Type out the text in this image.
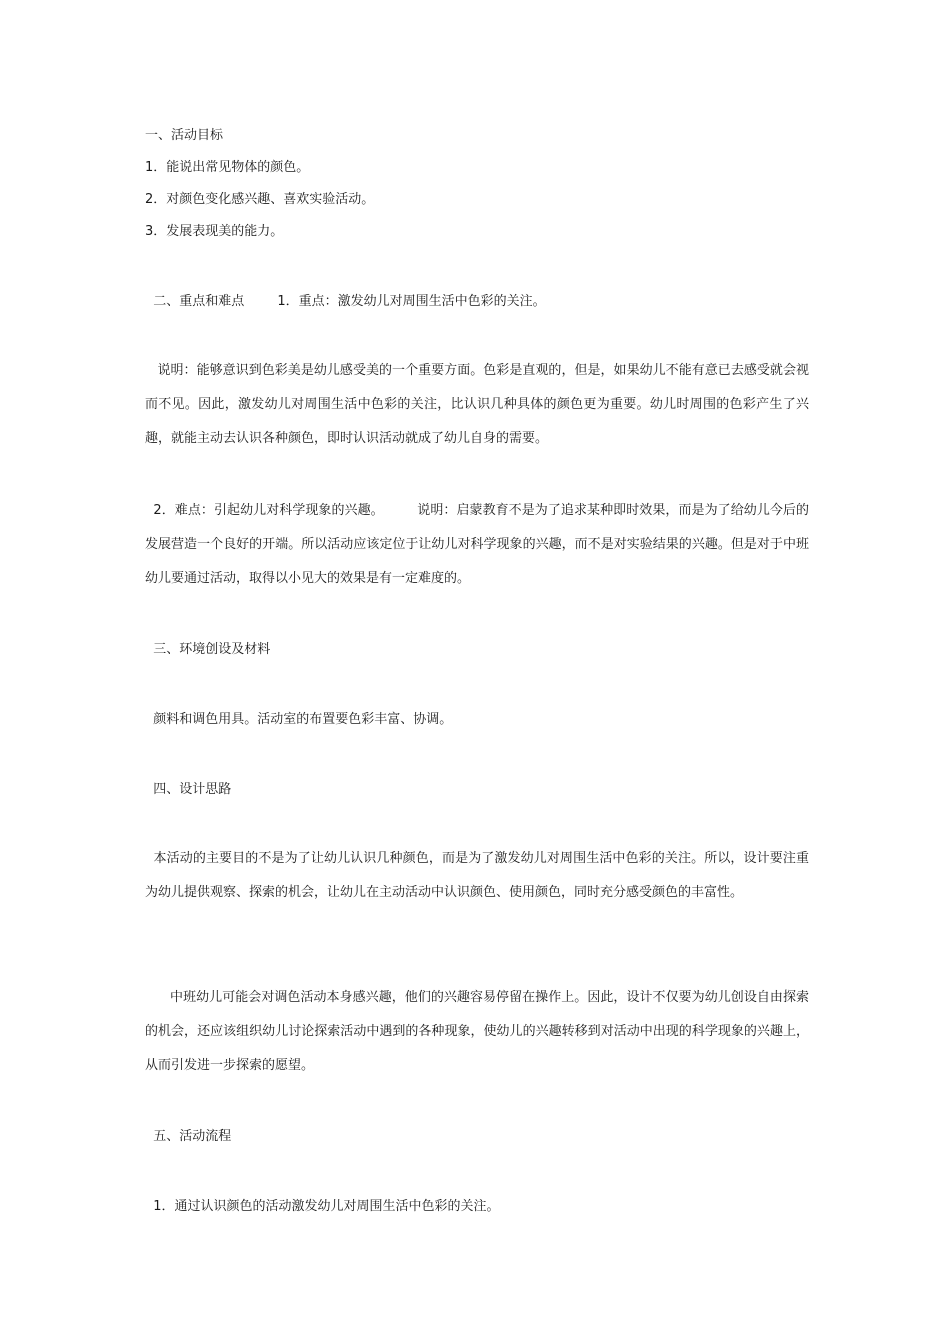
一、活动目标
1．能说出常见物体的颜色。
2．对颜色变化感兴趣、喜欢实验活动。
3．发展表现美的能力。
二、重点和难点        1．重点：激发幼儿对周围生活中色彩的关注。
说明：能够意识到色彩美是幼儿感受美的一个重要方面。色彩是直观的，但是，如果幼儿不能有意已去感受就会视而不见。因此，激发幼儿对周围生活中色彩的关注，比认识几种具体的颜色更为重要。幼儿时周围的色彩产生了兴趣，就能主动去认识各种颜色，即时认识活动就成了幼儿自身的需要。
2．难点：引起幼儿对科学现象的兴趣。        说明：启蒙教育不是为了追求某种即时效果，而是为了给幼儿今后的发展营造一个良好的开端。所以活动应该定位于让幼儿对科学现象的兴趣，而不是对实验结果的兴趣。但是对于中班幼儿要通过活动，取得以小见大的效果是有一定难度的。
三、环境创设及材料
颜料和调色用具。活动室的布置要色彩丰富、协调。
四、设计思路
本活动的主要目的不是为了让幼儿认识几种颜色，而是为了激发幼儿对周围生活中色彩的关注。所以，设计要注重为幼儿提供观察、探索的机会，让幼儿在主动活动中认识颜色、使用颜色，同时充分感受颜色的丰富性。
中班幼儿可能会对调色活动本身感兴趣，他们的兴趣容易停留在操作上。因此，设计不仅要为幼儿创设自由探索的机会，还应该组织幼儿讨论探索活动中遇到的各种现象，使幼儿的兴趣转移到对活动中出现的科学现象的兴趣上，从而引发进一步探索的愿望。
五、活动流程
1．通过认识颜色的活动激发幼儿对周围生活中色彩的关注。
